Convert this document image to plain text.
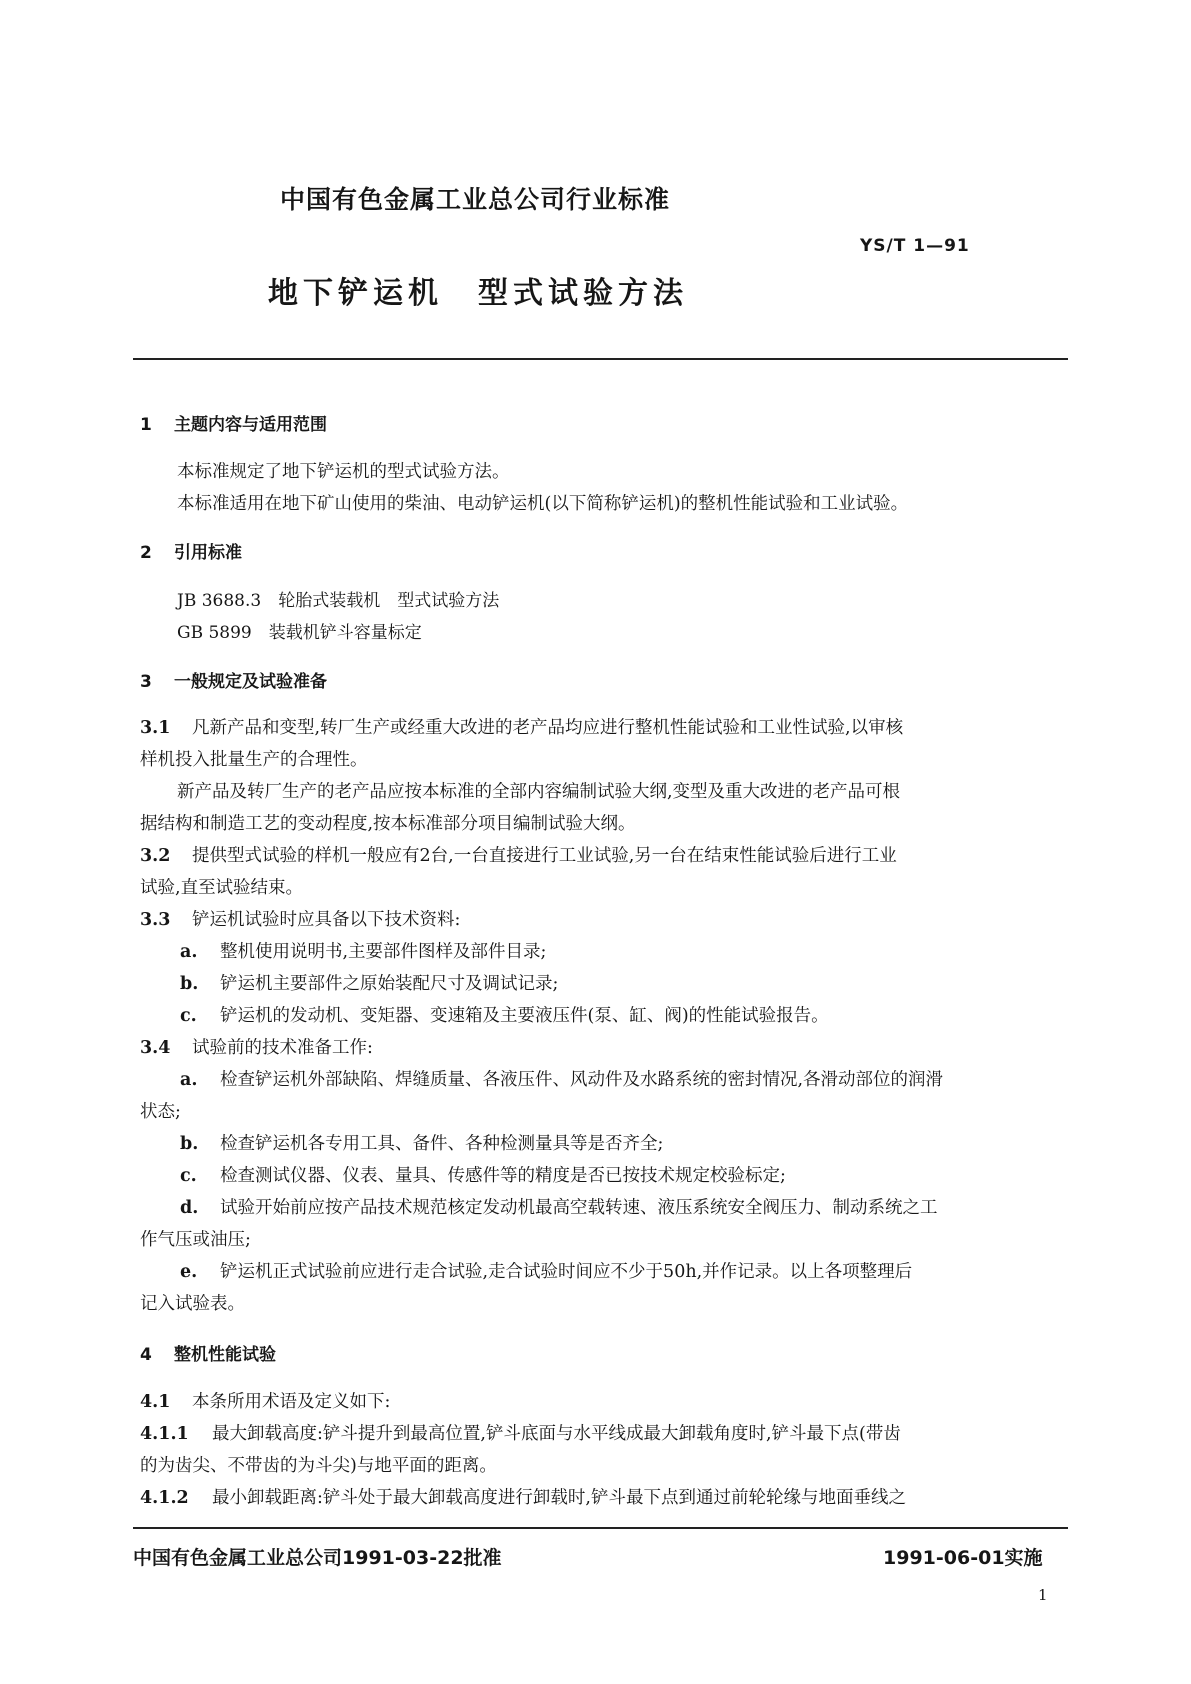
中国有色金属工业总公司行业标准
YS/T 1—91
地下铲运机　型式试验方法
1 主题内容与适用范围
本标准规定了地下铲运机的型式试验方法。
本标准适用在地下矿山使用的柴油、电动铲运机(以下简称铲运机)的整机性能试验和工业试验。
2 引用标准
JB 3688.3　轮胎式装载机　型式试验方法
GB 5899　装载机铲斗容量标定
3 一般规定及试验准备
3.1 凡新产品和变型,转厂生产或经重大改进的老产品均应进行整机性能试验和工业性试验,以审核
样机投入批量生产的合理性。
新产品及转厂生产的老产品应按本标准的全部内容编制试验大纲,变型及重大改进的老产品可根
据结构和制造工艺的变动程度,按本标准部分项目编制试验大纲。
3.2 提供型式试验的样机一般应有2台,一台直接进行工业试验,另一台在结束性能试验后进行工业
试验,直至试验结束。
3.3 铲运机试验时应具备以下技术资料:
a. 整机使用说明书,主要部件图样及部件目录;
b. 铲运机主要部件之原始装配尺寸及调试记录;
c. 铲运机的发动机、变矩器、变速箱及主要液压件(泵、缸、阀)的性能试验报告。
3.4 试验前的技术准备工作:
a. 检查铲运机外部缺陷、焊缝质量、各液压件、风动件及水路系统的密封情况,各滑动部位的润滑
状态;
b. 检查铲运机各专用工具、备件、各种检测量具等是否齐全;
c. 检查测试仪器、仪表、量具、传感件等的精度是否已按技术规定校验标定;
d. 试验开始前应按产品技术规范核定发动机最高空载转速、液压系统安全阀压力、制动系统之工
作气压或油压;
e. 铲运机正式试验前应进行走合试验,走合试验时间应不少于50h,并作记录。以上各项整理后
记入试验表。
4 整机性能试验
4.1 本条所用术语及定义如下:
4.1.1 最大卸载高度:铲斗提升到最高位置,铲斗底面与水平线成最大卸载角度时,铲斗最下点(带齿
的为齿尖、不带齿的为斗尖)与地平面的距离。
4.1.2 最小卸载距离:铲斗处于最大卸载高度进行卸载时,铲斗最下点到通过前轮轮缘与地面垂线之
中国有色金属工业总公司1991-03-22批准	1991-06-01实施
1
